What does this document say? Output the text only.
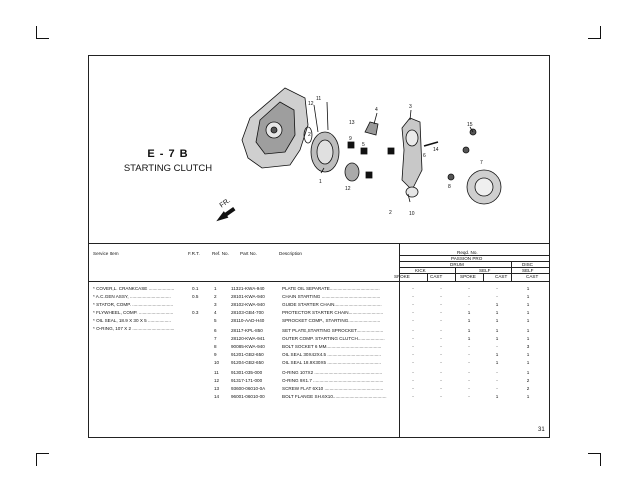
E - 7 B
STARTING CLUTCH
12
11
4	3
13
2
6
9
5
10
14
1
15
7
8
2
12
FR.
Service Item	F.R.T.	Ref. No. Part No.	Description	Reqd. No.
PASSION PRO
DRUM	DISC
KICK	SELF	SELF
SPOKE	CAST	SPOKE	CAST	CAST
* COVER,L. CRANKCASE ....................	0.1
* A.C.GEN ASSY, ................................	0.5
* STATOR, COMP. ................................
* FLYWHEEL, COMP. ...........................	0.3
* OIL SEAL, 18.9 X 30 X 5 ..................
* O-RING, 107 X 2 .................................
1	11321-KWA-940	PLATE OIL SEPARATE.......................................	-	-	-	-	1
2	28101-KWA-940	CHAIN STARTING ..............................................	-	-	-	-	1
3	28102-KWA-940	GUIDE STARTER CHAIN.....................................	-	-	-	1	1
4	28103-GB4-700	PROTECTOR STARTER CHAIN...........................	-	-	1	1	1
5	28110-AAD-H40	SPROCKET COMP., STARTING.........................	-	-	1	1	1
6	28117-KPL-850	SET PLATE,STARTING SPROCKET.....................	-	-	1	1	1
7	28120-KWA-941	OUTER COMP. STARTING CLUTCH.....................	-	-	1	1	1
8	90085-KWA-940	BOLT SOCKET 6 MM...........................................	-	-	-	-	3
9	91201-GB2-650	OIL SEAL 30X42X4.5 ..........................................	-	-	-	1	1
10	91204-GB2-650	OIL SEAL 18.9X30X5 ..........................................	-	-	-	1	1
11	91301-035-000	O-RING 107X2 .....................................................	-	-	-	-	1
12	91317-171-000	O-RING 9X1.7 .......................................................	-	-	-	-	2
13	93600-06010-0A	SCREW FLAT 6X10 ..............................................	-	-	-	-	2
14	96001-06010-00	BOLT FLANGE SH.6X10..........................................	-	-	-	1	1
31
